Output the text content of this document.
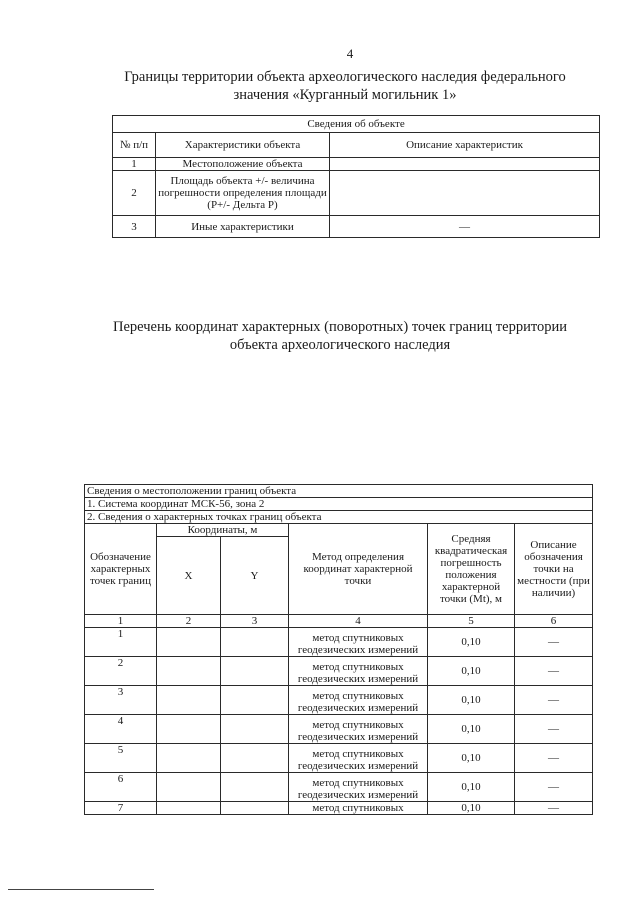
4
Границы территории объекта археологического наследия федерального значения «Курганный могильник 1»
Сведения об объекте		
№ п/п	Характеристики объекта	Описание характеристик
1	Местоположение объекта	
2	Площадь объекта +/- величина погрешности определения площади (P+/- Дельта P)	
3	Иные характеристики	—
Перечень координат характерных (поворотных) точек границ территории объекта археологического наследия
Сведения о местоположении границ объекта					
1. Система координат МСК-56, зона 2					
2. Сведения о характерных точках границ объекта					
Обозначение характерных точек границ	Координаты, м		Метод определения координат характерной точки	Средняя квадратическая погрешность положения характерной точки (Mt), м	Описание обозначения точки на местности (при наличии)
	X	Y			
1	2	3	4	5	6
1			метод спутниковых геодезических измерений	0,10	—
2			метод спутниковых геодезических измерений	0,10	—
3			метод спутниковых геодезических измерений	0,10	—
4			метод спутниковых геодезических измерений	0,10	—
5			метод спутниковых геодезических измерений	0,10	—
6			метод спутниковых геодезических измерений	0,10	—
7			метод спутниковых	0,10	—
